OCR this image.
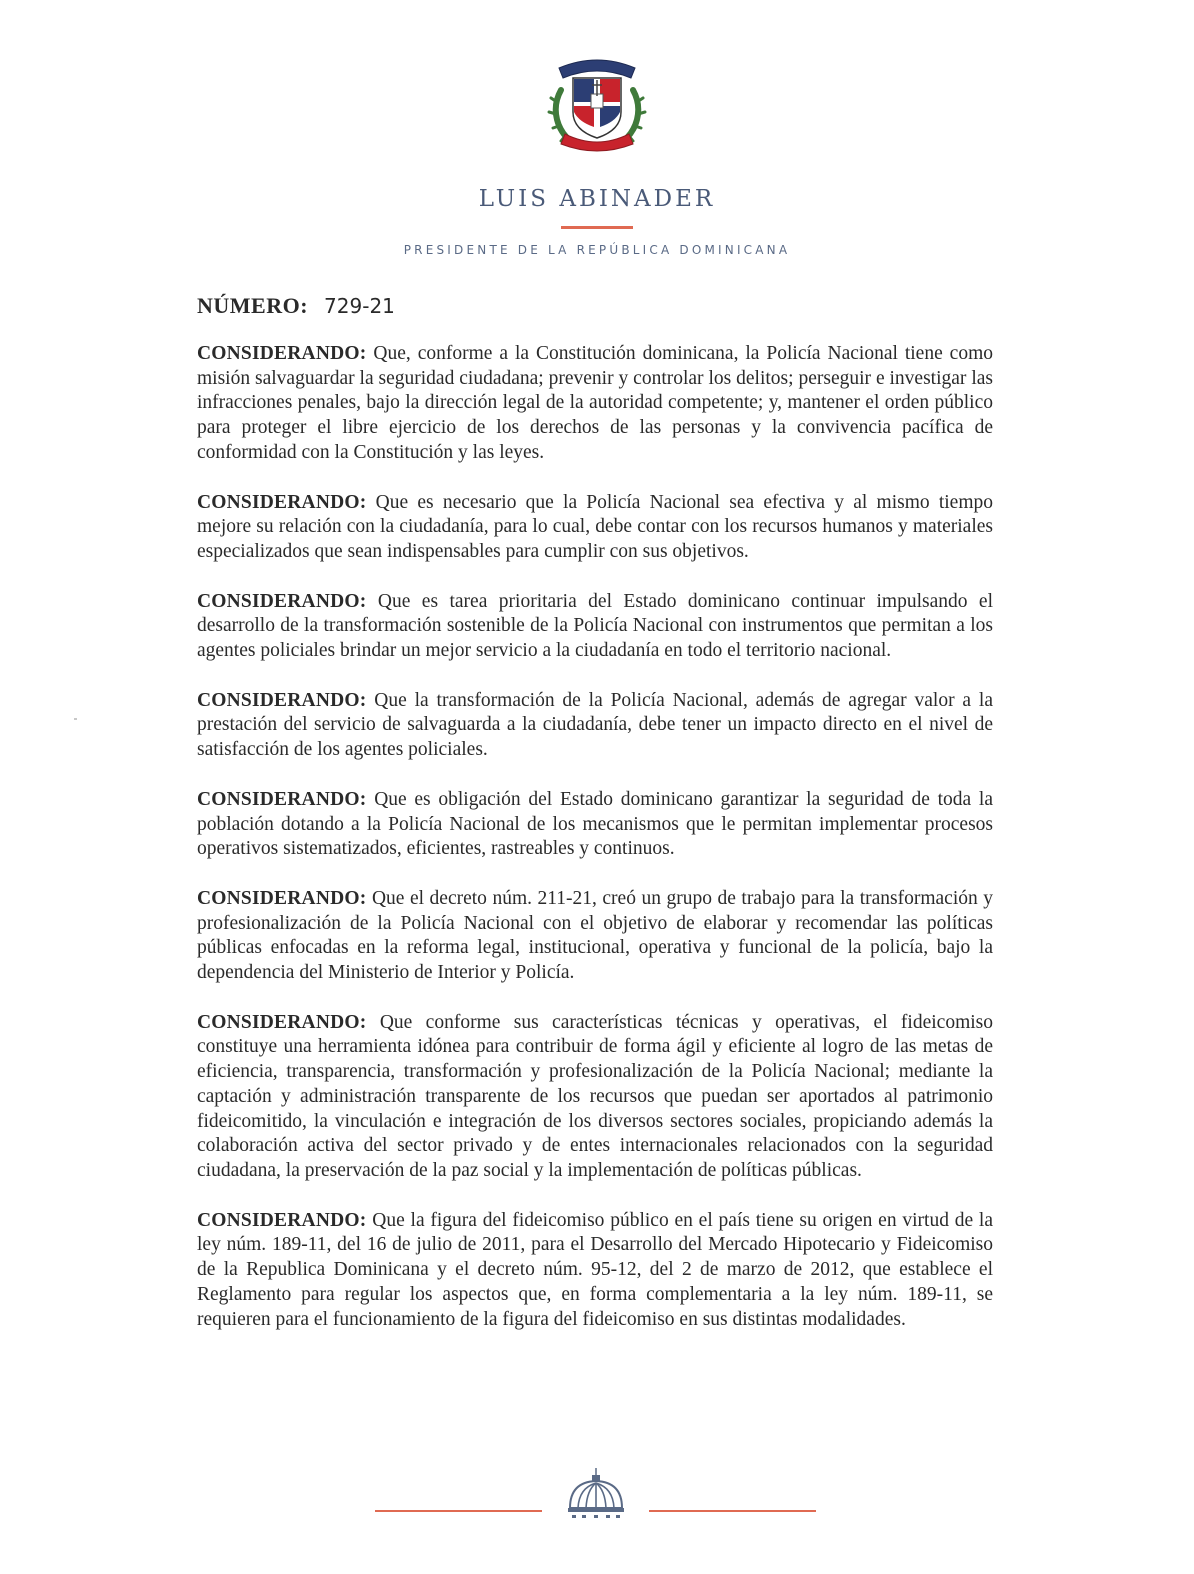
LUIS ABINADER
PRESIDENTE DE LA REPÚBLICA DOMINICANA
NÚMERO: 729-21

CONSIDERANDO: Que, conforme a la Constitución dominicana, la Policía Nacional tiene como misión salvaguardar la seguridad ciudadana; prevenir y controlar los delitos; perseguir e investigar las infracciones penales, bajo la dirección legal de la autoridad competente; y, mantener el orden público para proteger el libre ejercicio de los derechos de las personas y la convivencia pacífica de conformidad con la Constitución y las leyes.

CONSIDERANDO: Que es necesario que la Policía Nacional sea efectiva y al mismo tiempo mejore su relación con la ciudadanía, para lo cual, debe contar con los recursos humanos y materiales especializados que sean indispensables para cumplir con sus objetivos.

CONSIDERANDO: Que es tarea prioritaria del Estado dominicano continuar impulsando el desarrollo de la transformación sostenible de la Policía Nacional con instrumentos que permitan a los agentes policiales brindar un mejor servicio a la ciudadanía en todo el territorio nacional.

CONSIDERANDO: Que la transformación de la Policía Nacional, además de agregar valor a la prestación del servicio de salvaguarda a la ciudadanía, debe tener un impacto directo en el nivel de satisfacción de los agentes policiales.

CONSIDERANDO: Que es obligación del Estado dominicano garantizar la seguridad de toda la población dotando a la Policía Nacional de los mecanismos que le permitan implementar procesos operativos sistematizados, eficientes, rastreables y continuos.

CONSIDERANDO: Que el decreto núm. 211-21, creó un grupo de trabajo para la transformación y profesionalización de la Policía Nacional con el objetivo de elaborar y recomendar las políticas públicas enfocadas en la reforma legal, institucional, operativa y funcional de la policía, bajo la dependencia del Ministerio de Interior y Policía.

CONSIDERANDO: Que conforme sus características técnicas y operativas, el fideicomiso constituye una herramienta idónea para contribuir de forma ágil y eficiente al logro de las metas de eficiencia, transparencia, transformación y profesionalización de la Policía Nacional; mediante la captación y administración transparente de los recursos que puedan ser aportados al patrimonio fideicomitido, la vinculación e integración de los diversos sectores sociales, propiciando además la colaboración activa del sector privado y de entes internacionales relacionados con la seguridad ciudadana, la preservación de la paz social y la implementación de políticas públicas.

CONSIDERANDO: Que la figura del fideicomiso público en el país tiene su origen en virtud de la ley núm. 189-11, del 16 de julio de 2011, para el Desarrollo del Mercado Hipotecario y Fideicomiso de la Republica Dominicana y el decreto núm. 95-12, del 2 de marzo de 2012, que establece el Reglamento para regular los aspectos que, en forma complementaria a la ley núm. 189-11, se requieren para el funcionamiento de la figura del fideicomiso en sus distintas modalidades.
